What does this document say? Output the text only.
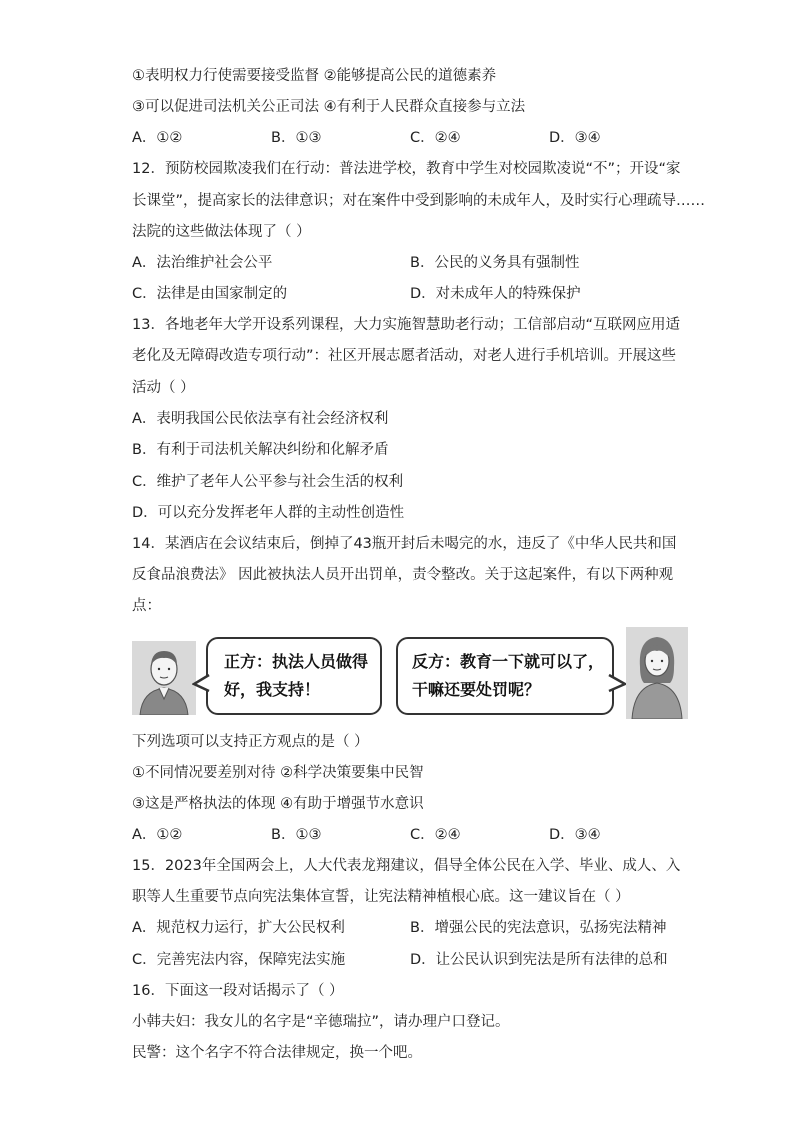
①表明权力行使需要接受监督 ②能够提高公民的道德素养
③可以促进司法机关公正司法 ④有利于人民群众直接参与立法
A．①②	B．①③	C．②④	D．③④
12．预防校园欺凌我们在行动：普法进学校，教育中学生对校园欺凌说“不”；开设“家
长课堂”，提高家长的法律意识；对在案件中受到影响的未成年人，及时实行心理疏导……
法院的这些做法体现了（ ）
A．法治维护社会公平	B．公民的义务具有强制性
C．法律是由国家制定的	D．对未成年人的特殊保护
13．各地老年大学开设系列课程，大力实施智慧助老行动；工信部启动“互联网应用适
老化及无障碍改造专项行动”：社区开展志愿者活动，对老人进行手机培训。开展这些
活动（ ）
A．表明我国公民依法享有社会经济权利
B．有利于司法机关解决纠纷和化解矛盾
C．维护了老年人公平参与社会生活的权利
D．可以充分发挥老年人群的主动性创造性
14．某酒店在会议结束后，倒掉了43瓶开封后未喝完的水，违反了《中华人民共和国
反食品浪费法》 因此被执法人员开出罚单，责令整改。关于这起案件，有以下两种观
点：
正方：执法人员做得
好，我支持！
反方：教育一下就可以了，
干嘛还要处罚呢？
下列选项可以支持正方观点的是（ ）
①不同情况要差别对待 ②科学决策要集中民智
③这是严格执法的体现 ④有助于增强节水意识
A．①②	B．①③	C．②④	D．③④
15．2023年全国两会上，人大代表龙翔建议，倡导全体公民在入学、毕业、成人、入
职等人生重要节点向宪法集体宣誓，让宪法精神植根心底。这一建议旨在（ ）
A．规范权力运行，扩大公民权利	B．增强公民的宪法意识，弘扬宪法精神
C．完善宪法内容，保障宪法实施	D．让公民认识到宪法是所有法律的总和
16．下面这一段对话揭示了（ ）
小韩夫妇：我女儿的名字是“辛德瑞拉”，请办理户口登记。
民警：这个名字不符合法律规定，换一个吧。
